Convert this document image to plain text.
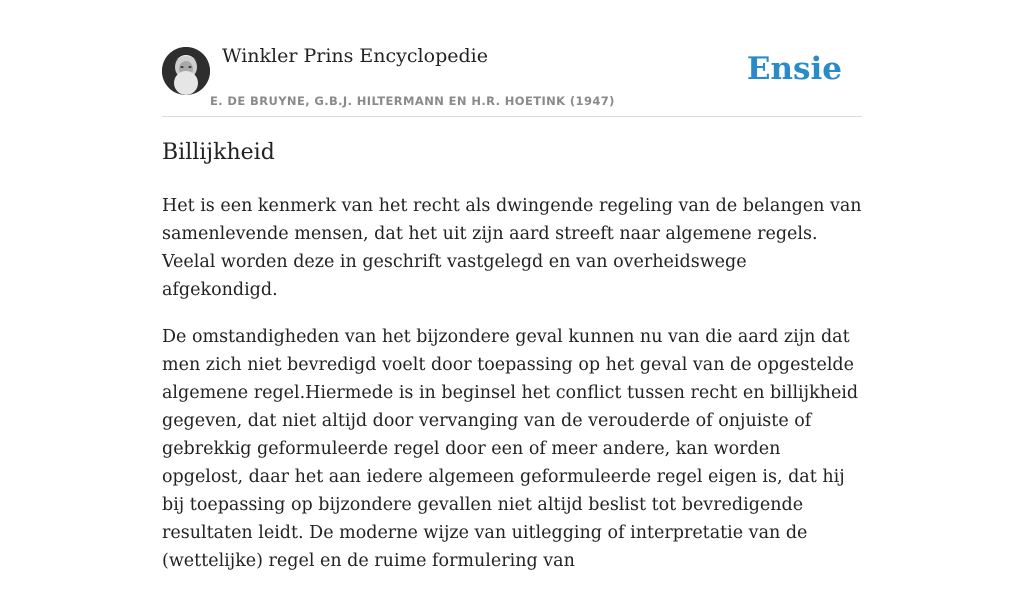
Winkler Prins Encyclopedie
E. DE BRUYNE, G.B.J. HILTERMANN EN H.R. HOETINK (1947)
Ensie
Billijkheid

Het is een kenmerk van het recht als dwingende regeling van de belangen van samenlevende mensen, dat het uit zijn aard streeft naar algemene regels. Veelal worden deze in geschrift vastgelegd en van overheidswege afgekondigd.

De omstandigheden van het bijzondere geval kunnen nu van die aard zijn dat men zich niet bevredigd voelt door toepassing op het geval van de opgestelde algemene regel.Hiermede is in beginsel het conflict tussen recht en billijkheid gegeven, dat niet altijd door vervanging van de verouderde of onjuiste of gebrekkig geformuleerde regel door een of meer andere, kan worden opgelost, daar het aan iedere algemeen geformuleerde regel eigen is, dat hij bij toepassing op bijzondere gevallen niet altijd beslist tot bevredigende resultaten leidt. De moderne wijze van uitlegging of interpretatie van de (wettelijke) regel en de ruime formulering van
